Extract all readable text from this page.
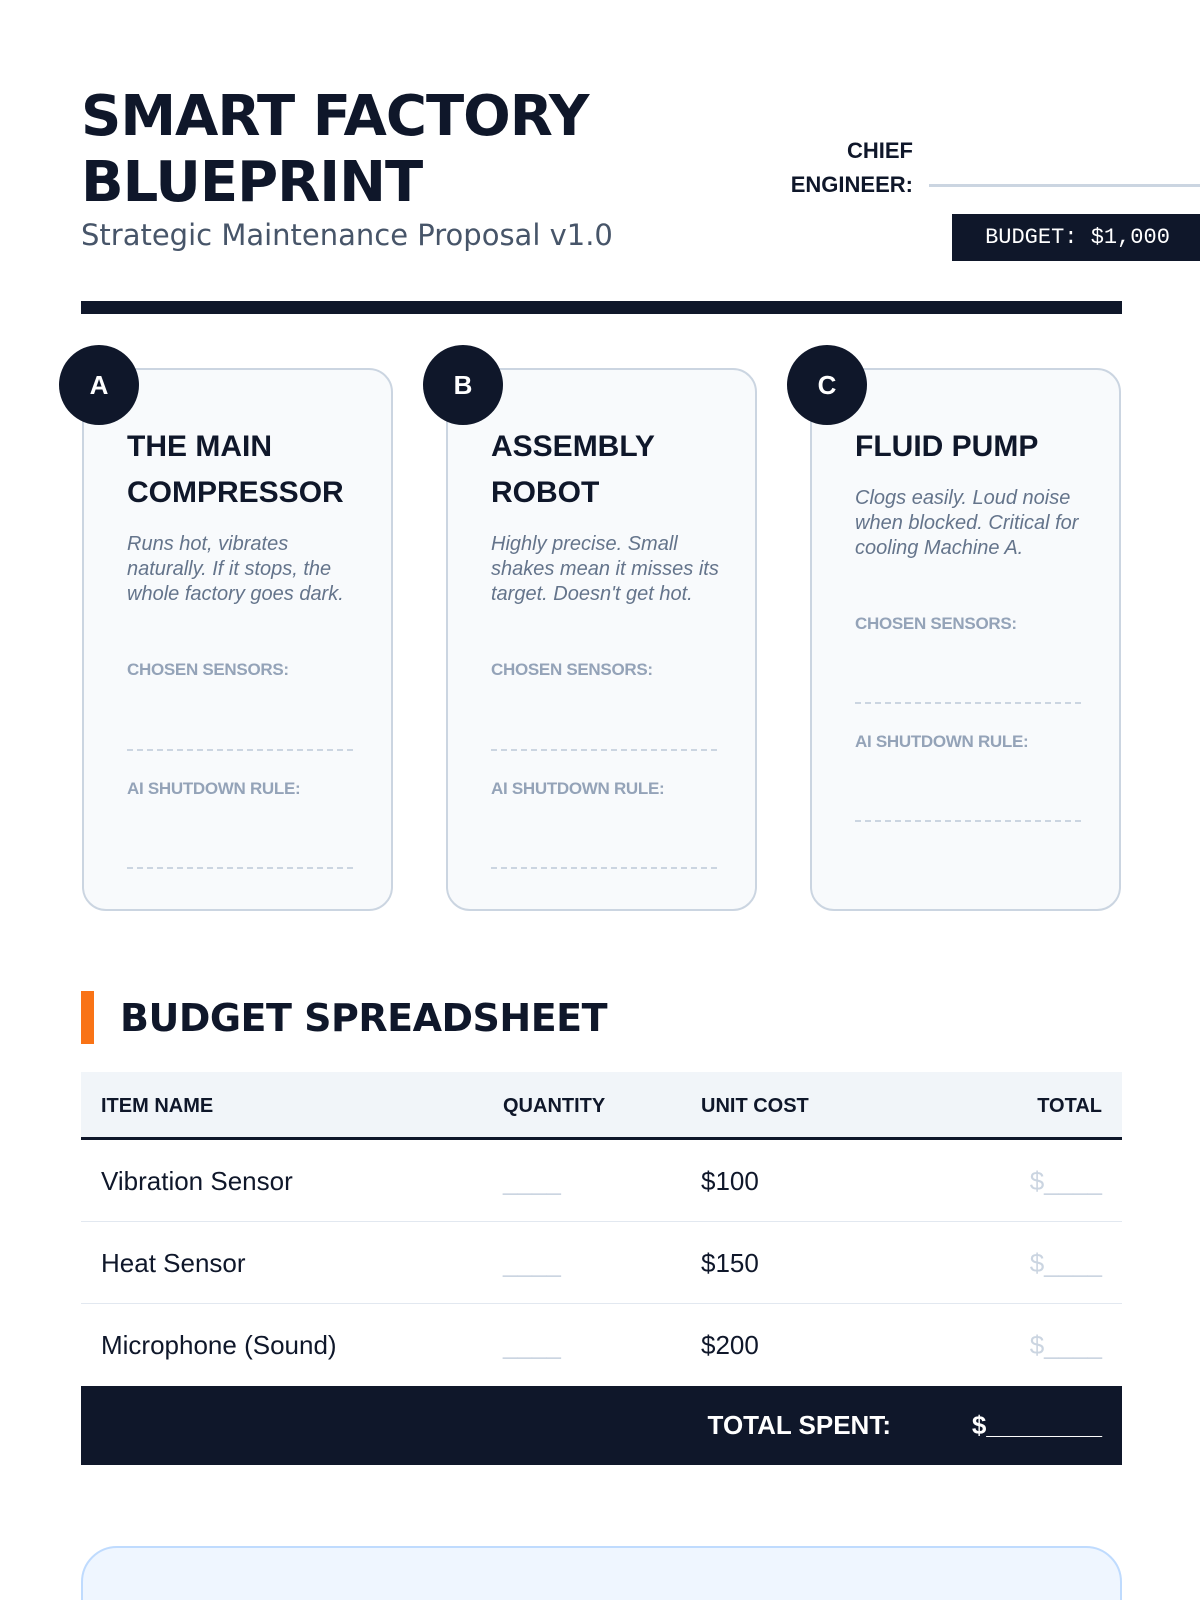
SMART FACTORY
BLUEPRINT
Strategic Maintenance Proposal v1.0
CHIEF
ENGINEER:
BUDGET: $1,000
A
THE MAIN COMPRESSOR
Runs hot, vibrates naturally. If it stops, the whole factory goes dark.
CHOSEN SENSORS:
AI SHUTDOWN RULE:
B
ASSEMBLY ROBOT
Highly precise. Small shakes mean it misses its target. Doesn't get hot.
CHOSEN SENSORS:
AI SHUTDOWN RULE:
C
FLUID PUMP
Clogs easily. Loud noise when blocked. Critical for cooling Machine A.
CHOSEN SENSORS:
AI SHUTDOWN RULE:
BUDGET SPREADSHEET
ITEM NAME	QUANTITY	UNIT COST	TOTAL
Vibration Sensor	____	$100	$____
Heat Sensor	____	$150	$____
Microphone (Sound)	____	$200	$____
TOTAL SPENT:	$________
